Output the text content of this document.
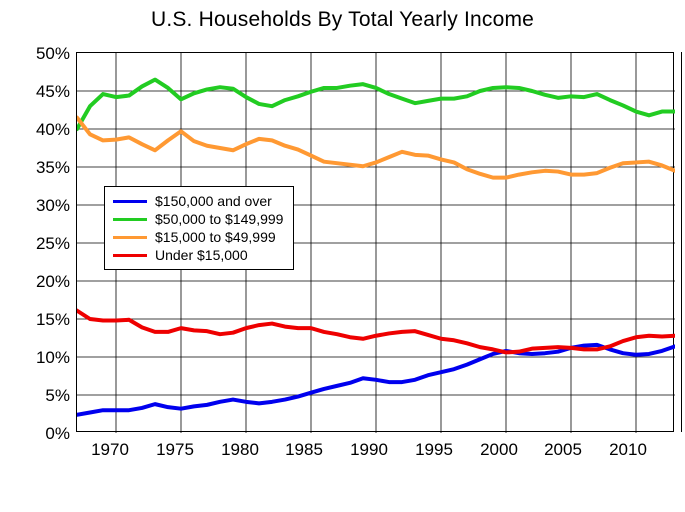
U.S. Households By Total Yearly Income
50%
45%
40%
35%
30%
25%
20%
15%
10%
5%
0%
1970	1975	1980	1985	1990	1995	2000	2005	2010
$150,000 and over
$50,000 to $149,999
$15,000 to $49,999
Under $15,000
